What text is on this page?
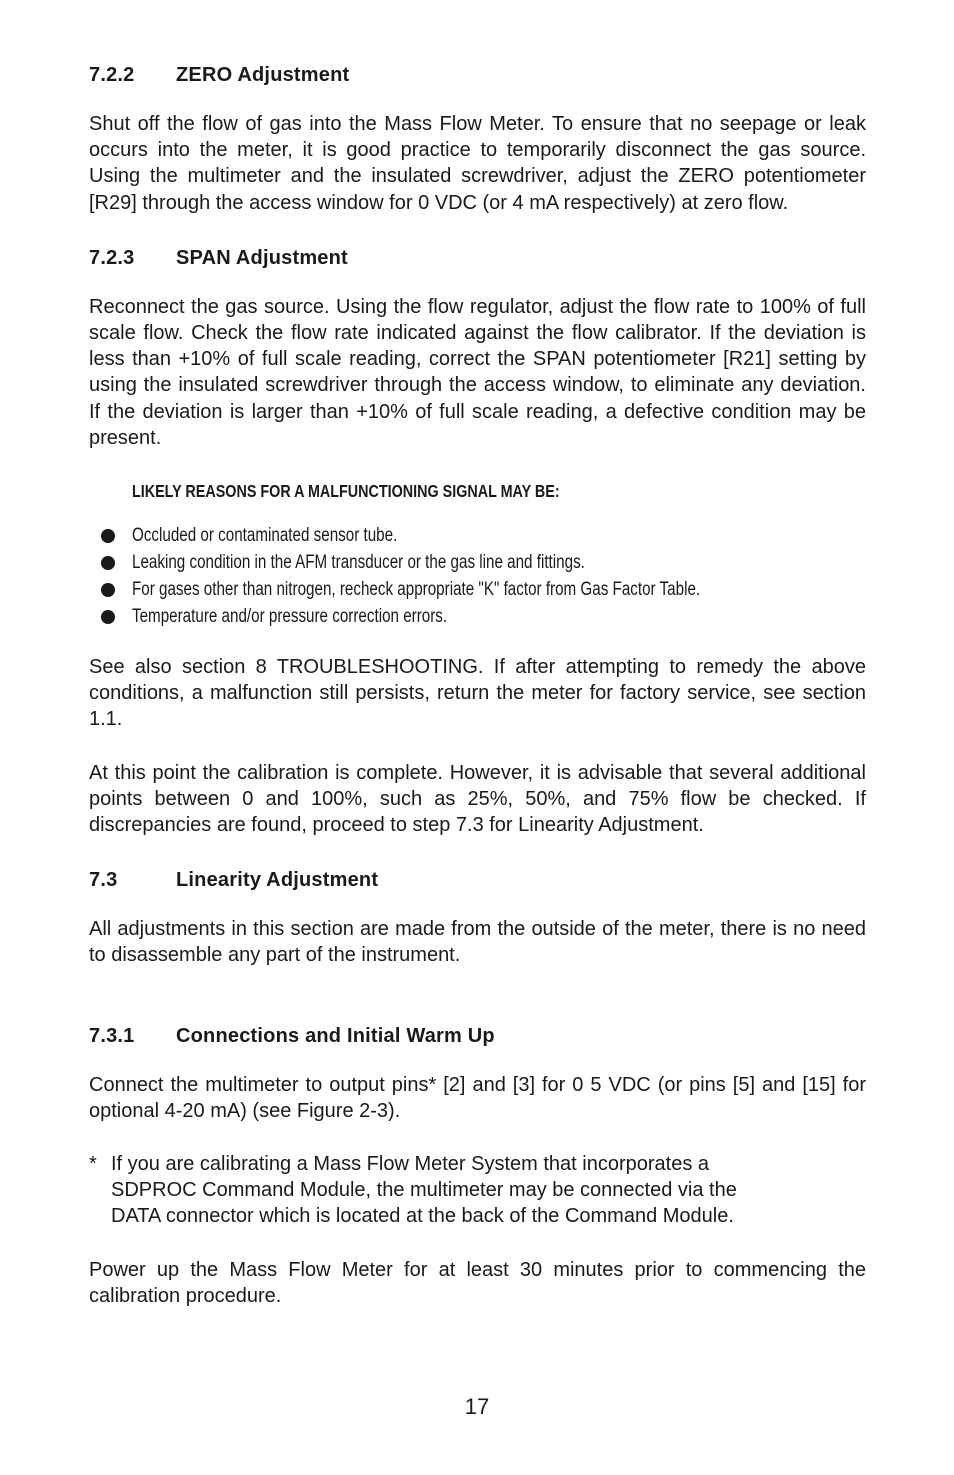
7.2.2 ZERO Adjustment

Shut off the flow of gas into the Mass Flow Meter. To ensure that no seepage or leak occurs into the meter, it is good practice to temporarily disconnect the gas source. Using the multimeter and the insulated screwdriver, adjust the ZERO potentiometer [R29] through the access window for 0 VDC (or 4 mA respectively) at zero flow.

7.2.3 SPAN Adjustment

Reconnect the gas source. Using the flow regulator, adjust the flow rate to 100% of full scale flow. Check the flow rate indicated against the flow calibrator. If the deviation is less than +10% of full scale reading, correct the SPAN potentiometer [R21] setting by using the insulated screwdriver through the access window, to eliminate any deviation. If the deviation is larger than +10% of full scale reading, a defective condition may be present.

LIKELY REASONS FOR A MALFUNCTIONING SIGNAL MAY BE:
Occluded or contaminated sensor tube.
Leaking condition in the AFM transducer or the gas line and fittings.
For gases other than nitrogen, recheck appropriate "K" factor from Gas Factor Table.
Temperature and/or pressure correction errors.

See also section 8 TROUBLESHOOTING. If after attempting to remedy the above conditions, a malfunction still persists, return the meter for factory service, see section 1.1.

At this point the calibration is complete. However, it is advisable that several additional points between 0 and 100%, such as 25%, 50%, and 75% flow be checked. If discrepancies are found, proceed to step 7.3 for Linearity Adjustment.

7.3	Linearity Adjustment

All adjustments in this section are made from the outside of the meter, there is no need to disassemble any part of the instrument.

7.3.1 Connections and Initial Warm Up

Connect the multimeter to output pins* [2] and [3] for 0 5 VDC (or pins [5] and [15] for optional 4-20 mA) (see Figure 2-3).

* If you are calibrating a Mass Flow Meter System that incorporates a
SDPROC Command Module, the multimeter may be connected via the
DATA connector which is located at the back of the Command Module.

Power up the Mass Flow Meter for at least 30 minutes prior to commencing the calibration procedure.

17
